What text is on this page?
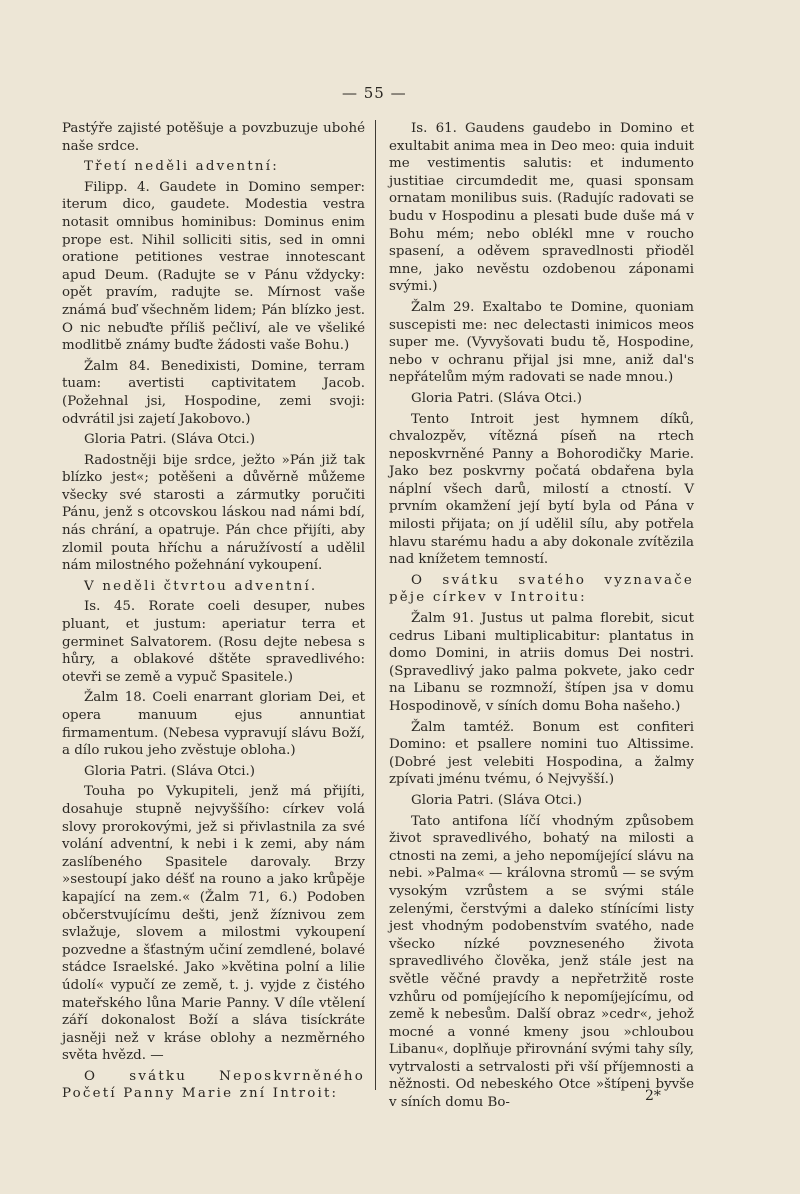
— 55 —

Pastýře zajisté potěšuje a povzbuzuje ubohé naše srdce.

Třetí neděli adventní:

Filipp. 4. Gaudete in Domino semper: iterum dico, gaudete. Modestia vestra notasit omnibus hominibus: Dominus enim prope est. Nihil solliciti sitis, sed in omni oratione petitiones vestrae innotescant apud Deum. (Radujte se v Pánu vždycky: opět pravím, radujte se. Mírnost vaše známá buď všechněm lidem; Pán blízko jest. O nic nebuďte příliš pečliví, ale ve všeliké modlitbě známy buďte žádosti vaše Bohu.)

Žalm 84. Benedixisti, Domine, terram tuam: avertisti captivitatem Jacob. (Požehnal jsi, Hospodine, zemi svoji: odvrátil jsi zajetí Jakobovo.)

Gloria Patri. (Sláva Otci.)

Radostněji bije srdce, ježto »Pán již tak blízko jest«; potěšeni a důvěrně můžeme všecky své starosti a zármutky poručiti Pánu, jenž s otcovskou láskou nad námi bdí, nás chrání, a opatruje. Pán chce přijíti, aby zlomil pouta hříchu a náružívostí a udělil nám milostného požehnání vykoupení.

V neděli čtvrtou adventní.

Is. 45. Rorate coeli desuper, nubes pluant, et justum: aperiatur terra et germinet Salvatorem. (Rosu dejte nebesa s hůry, a oblakové dštěte spravedlivého: otevři se země a vypuč Spasitele.)

Žalm 18. Coeli enarrant gloriam Dei, et opera manuum ejus annuntiat firmamentum. (Nebesa vypravují slávu Boží, a dílo rukou jeho zvěstuje obloha.)

Gloria Patri. (Sláva Otci.)

Touha po Vykupiteli, jenž má přijíti, dosahuje stupně nejvyššího: církev volá slovy prorokovými, jež si přivlastnila za své volání adventní, k nebi i k zemi, aby nám zaslíbeného Spasitele darovaly. Brzy »sestoupí jako déšť na rouno a jako krůpěje kapající na zem.« (Žalm 71, 6.) Podoben občerstvujícímu dešti, jenž žíznivou zem svlažuje, slovem a milostmi vykoupení pozvedne a šťastným učiní zemdlené, bolavé stádce Israelské. Jako »květina polní a lilie údolí« vypučí ze země, t. j. vyjde z čistého mateřského lůna Marie Panny. V díle vtělení září dokonalost Boží a sláva tisíckráte jasněji než v kráse oblohy a nezměrného světa hvězd. —

O svátku Neposkvrněného Početí Panny Marie zní Introit:

Is. 61. Gaudens gaudebo in Domino et exultabit anima mea in Deo meo: quia induit me vestimentis salutis: et indumento justitiae circumdedit me, quasi sponsam ornatam monilibus suis. (Radujíc radovati se budu v Hospodinu a plesati bude duše má v Bohu mém; nebo oblékl mne v roucho spasení, a oděvem spravedlnosti přioděl mne, jako nevěstu ozdobenou záponami svými.)

Žalm 29. Exaltabo te Domine, quoniam suscepisti me: nec delectasti inimicos meos super me. (Vyvyšovati budu tě, Hospodine, nebo v ochranu přijal jsi mne, aniž dal's nepřátelům mým radovati se nade mnou.)

Gloria Patri. (Sláva Otci.)

Tento Introit jest hymnem díků, chvalozpěv, vítězná píseň na rtech neposkvrněné Panny a Bohorodičky Marie. Jako bez poskvrny počatá obdařena byla náplní všech darů, milostí a ctností. V prvním okamžení její bytí byla od Pána v milosti přijata; on jí udělil sílu, aby potřela hlavu starému hadu a aby dokonale zvítězila nad knížetem temností.

O svátku svatého vyznavače pěje církev v Introitu:

Žalm 91. Justus ut palma florebit, sicut cedrus Libani multiplicabitur: plantatus in domo Domini, in atriis domus Dei nostri. (Spravedlivý jako palma pokvete, jako cedr na Libanu se rozmnoží, štípen jsa v domu Hospodinově, v síních domu Boha našeho.)

Žalm tamtéž. Bonum est confiteri Domino: et psallere nomini tuo Altissime. (Dobré jest velebiti Hospodina, a žalmy zpívati jménu tvému, ó Nejvyšší.)

Gloria Patri. (Sláva Otci.)

Tato antifona líčí vhodným způsobem život spravedlivého, bohatý na milosti a ctnosti na zemi, a jeho nepomíjející slávu na nebi. »Palma« — královna stromů — se svým vysokým vzrůstem a se svými stále zelenými, čerstvými a daleko stínícími listy jest vhodným podobenstvím svatého, nade všecko nízké povzneseného života spravedlivého člověka, jenž stále jest na světle věčné pravdy a nepřetržitě roste vzhůru od pomíjejícího k nepomíjejícímu, od země k nebesům. Další obraz »cedr«, jehož mocné a vonné kmeny jsou »chloubou Libanu«, doplňuje přirovnání svými tahy síly, vytrvalosti a setrvalosti při vší příjemnosti a něžnosti. Od nebeského Otce »štípeni byvše v síních domu Bo-	2*
